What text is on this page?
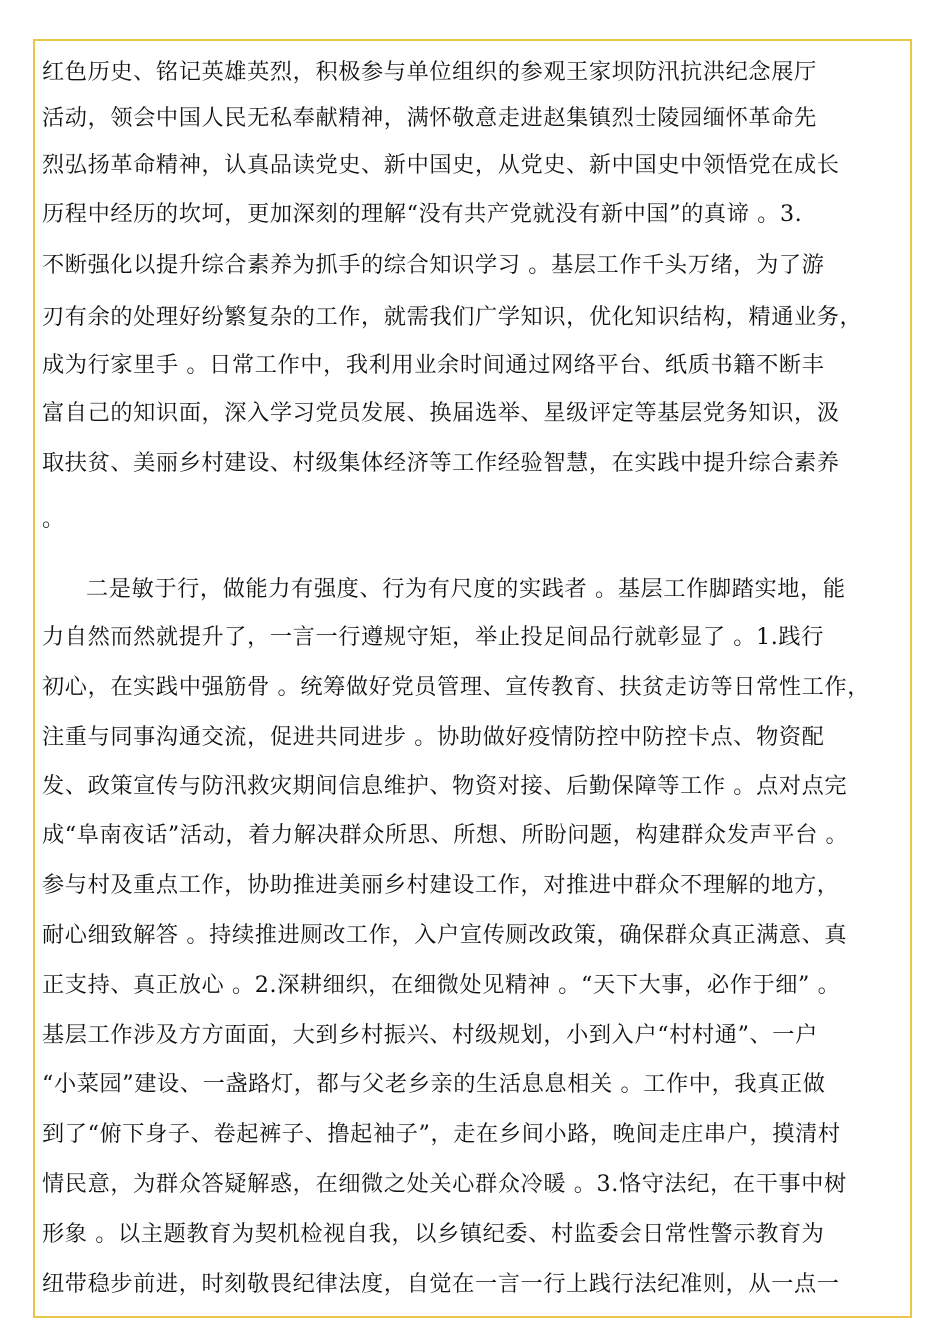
红色历史、铭记英雄英烈，积极参与单位组织的参观王家坝防汛抗洪纪念展厅
活动，领会中国人民无私奉献精神，满怀敬意走进赵集镇烈士陵园缅怀革命先
烈弘扬革命精神，认真品读党史、新中国史，从党史、新中国史中领悟党在成长
历程中经历的坎坷，更加深刻的理解“没有共产党就没有新中国”的真谛 。3.
不断强化以提升综合素养为抓手的综合知识学习 。基层工作千头万绪，为了游
刃有余的处理好纷繁复杂的工作，就需我们广学知识，优化知识结构，精通业务，
成为行家里手 。日常工作中，我利用业余时间通过网络平台、纸质书籍不断丰
富自己的知识面，深入学习党员发展、换届选举、星级评定等基层党务知识，汲
取扶贫、美丽乡村建设、村级集体经济等工作经验智慧，在实践中提升综合素养
。
二是敏于行，做能力有强度、行为有尺度的实践者 。基层工作脚踏实地，能
力自然而然就提升了，一言一行遵规守矩，举止投足间品行就彰显了 。1.践行
初心，在实践中强筋骨 。统筹做好党员管理、宣传教育、扶贫走访等日常性工作，
注重与同事沟通交流，促进共同进步 。协助做好疫情防控中防控卡点、物资配
发、政策宣传与防汛救灾期间信息维护、物资对接、后勤保障等工作 。点对点完
成“阜南夜话”活动，着力解决群众所思、所想、所盼问题，构建群众发声平台 。
参与村及重点工作，协助推进美丽乡村建设工作，对推进中群众不理解的地方，
耐心细致解答 。持续推进厕改工作，入户宣传厕改政策，确保群众真正满意、真
正支持、真正放心 。2.深耕细织，在细微处见精神 。“天下大事，必作于细” 。
基层工作涉及方方面面，大到乡村振兴、村级规划，小到入户“村村通”、一户
“小菜园”建设、一盏路灯，都与父老乡亲的生活息息相关 。工作中，我真正做
到了“俯下身子、卷起裤子、撸起袖子”，走在乡间小路，晚间走庄串户，摸清村
情民意，为群众答疑解惑，在细微之处关心群众冷暖 。3.恪守法纪，在干事中树
形象 。以主题教育为契机检视自我，以乡镇纪委、村监委会日常性警示教育为
纽带稳步前进，时刻敬畏纪律法度，自觉在一言一行上践行法纪准则，从一点一
